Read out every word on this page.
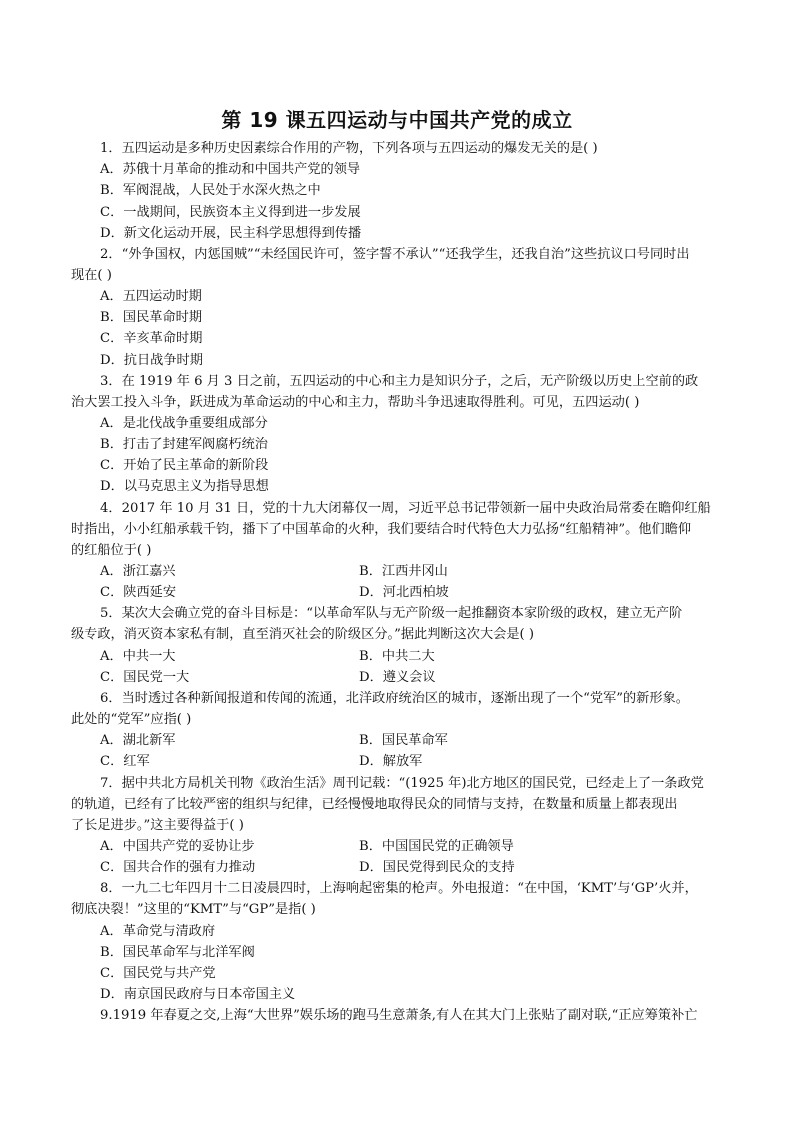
第 19 课五四运动与中国共产党的成立
1．五四运动是多种历史因素综合作用的产物，下列各项与五四运动的爆发无关的是( )
A．苏俄十月革命的推动和中国共产党的领导
B．军阀混战，人民处于水深火热之中
C．一战期间，民族资本主义得到进一步发展
D．新文化运动开展，民主科学思想得到传播
2．“外争国权，内惩国贼”“未经国民许可，签字誓不承认”“还我学生，还我自治”这些抗议口号同时出
现在( )
A．五四运动时期
B．国民革命时期
C．辛亥革命时期
D．抗日战争时期
3．在 1919 年 6 月 3 日之前，五四运动的中心和主力是知识分子，之后，无产阶级以历史上空前的政
治大罢工投入斗争，跃进成为革命运动的中心和主力，帮助斗争迅速取得胜利。可见，五四运动( )
A．是北伐战争重要组成部分
B．打击了封建军阀腐朽统治
C．开始了民主革命的新阶段
D．以马克思主义为指导思想
4．2017 年 10 月 31 日，党的十九大闭幕仅一周，习近平总书记带领新一届中央政治局常委在瞻仰红船
时指出，小小红船承载千钧，播下了中国革命的火种，我们要结合时代特色大力弘扬“红船精神”。他们瞻仰
的红船位于( )
A．浙江嘉兴	B．江西井冈山
C．陕西延安	D．河北西柏坡
5．某次大会确立党的奋斗目标是：“以革命军队与无产阶级一起推翻资本家阶级的政权，建立无产阶
级专政，消灭资本家私有制，直至消灭社会的阶级区分。”据此判断这次大会是( )
A．中共一大	B．中共二大
C．国民党一大	D．遵义会议
6．当时透过各种新闻报道和传闻的流通，北洋政府统治区的城市，逐渐出现了一个“党军”的新形象。
此处的“党军”应指( )
A．湖北新军	B．国民革命军
C．红军	D．解放军
7．据中共北方局机关刊物《政治生活》周刊记载：“(1925 年)北方地区的国民党，已经走上了一条政党
的轨道，已经有了比较严密的组织与纪律，已经慢慢地取得民众的同情与支持，在数量和质量上都表现出
了长足进步。”这主要得益于( )
A．中国共产党的妥协让步	B．中国国民党的正确领导
C．国共合作的强有力推动	D．国民党得到民众的支持
8．一九二七年四月十二日凌晨四时，上海响起密集的枪声。外电报道：“在中国，‘KMT’与‘GP’火并，
彻底决裂！”这里的“KMT”与“GP”是指( )
A．革命党与清政府
B．国民革命军与北洋军阀
C．国民党与共产党
D．南京国民政府与日本帝国主义
9.1919 年春夏之交,上海“大世界”娱乐场的跑马生意萧条,有人在其大门上张贴了副对联,“正应筹策补亡
